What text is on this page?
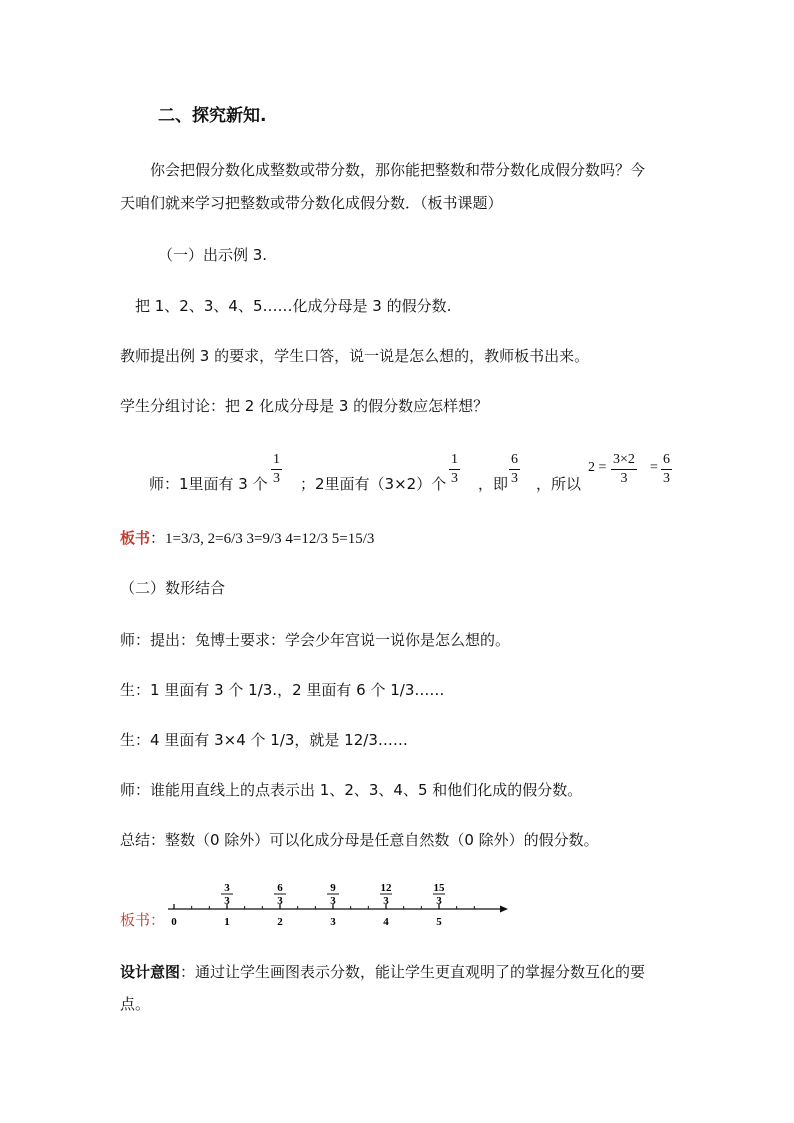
二、探究新知.
你会把假分数化成整数或带分数，那你能把整数和带分数化成假分数吗？今
天咱们就来学习把整数或带分数化成假分数．（板书课题）
（一）出示例 3.
把 1、2、3、4、5……化成分母是 3 的假分数.
教师提出例 3 的要求，学生口答，说一说是怎么想的，教师板书出来。
学生分组讨论：把 2 化成分母是 3 的假分数应怎样想？
师：1里面有 3 个
1
3 ；2里面有（3×2）个
1
3 ，即
6
3 ，所以
2 =
3×2
3
=
6
3
板书：1=3/3, 2=6/3 3=9/3 4=12/3 5=15/3
（二）数形结合
师：提出：兔博士要求：学会少年宫说一说你是怎么想的。
生：1 里面有 3 个 1/3.，2 里面有 6 个 1/3……
生：4 里面有 3×4 个 1/3，就是 12/3……
师：谁能用直线上的点表示出 1、2、3、4、5 和他们化成的假分数。
总结：整数（0 除外）可以化成分母是任意自然数（0 除外）的假分数。
板书： 0	1	2	3	4	5
3
3
6
3
9
3
12
3
15
3
设计意图：通过让学生画图表示分数，能让学生更直观明了的掌握分数互化的要
点。
